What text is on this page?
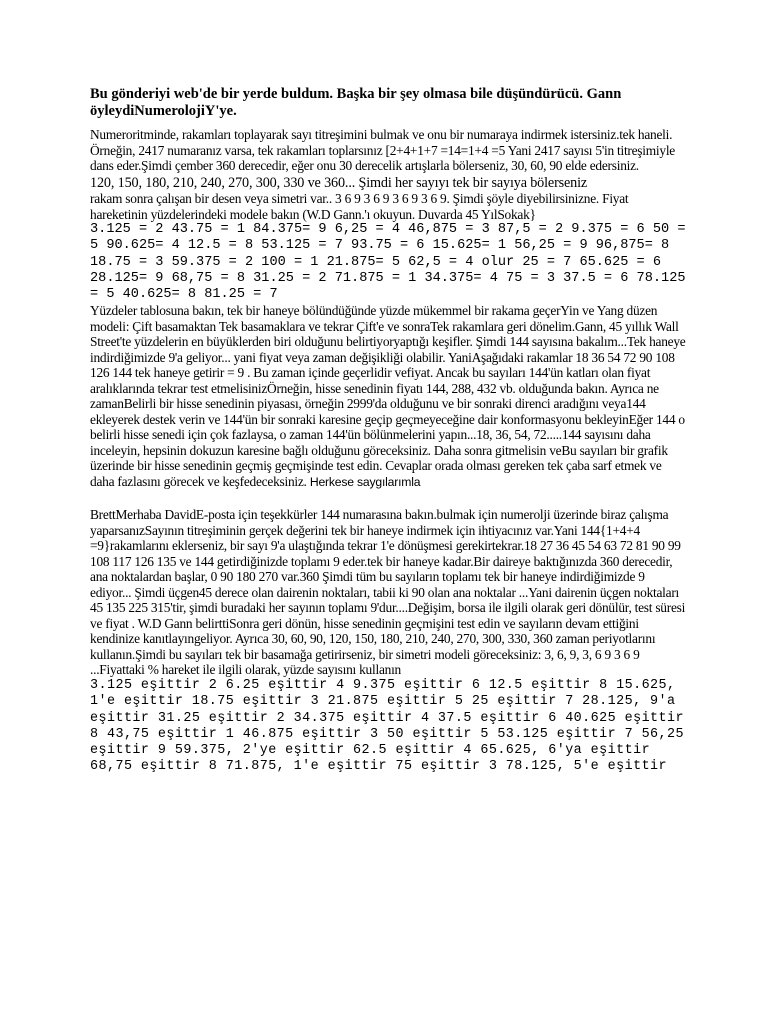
Bu gönderiyi web'de bir yerde buldum. Başka bir şey olmasa bile düşündürücü. Gann öyleydiNumerolojiY'ye.

Numeroritminde, rakamları toplayarak sayı titreşimini bulmak ve onu bir numaraya indirmek istersiniz.tek haneli. Örneğin, 2417 numaranız varsa, tek rakamları toplarsınız [2+4+1+7 =14=1+4 =5 Yani 2417 sayısı 5'in titreşimiyle dans eder.Şimdi çember 360 derecedir, eğer onu 30 derecelik artışlarla bölerseniz, 30, 60, 90 elde edersiniz.

120, 150, 180, 210, 240, 270, 300, 330 ve 360... Şimdi her sayıyı tek bir sayıya bölerseniz

rakam sonra çalışan bir desen veya simetri var.. 3 6 9 3 6 9 3 6 9 3 6 9. Şimdi şöyle diyebilirsinizne. Fiyat hareketinin yüzdelerindeki modele bakın (W.D Gann.'ı okuyun. Duvarda 45 YılSokak}

3.125 = 2 43.75 = 1 84.375= 9 6,25 = 4 46,875 = 3 87,5 = 2 9.375 = 6 50 = 5 90.625= 4 12.5 = 8 53.125 = 7 93.75 = 6 15.625= 1 56,25 = 9 96,875= 8 18.75 = 3 59.375 = 2 100 = 1 21.875= 5 62,5 = 4 olur 25 = 7 65.625 = 6 28.125= 9 68,75 = 8 31.25 = 2 71.875 = 1 34.375= 4 75 = 3 37.5 = 6 78.125 = 5 40.625= 8 81.25 = 7

Yüzdeler tablosuna bakın, tek bir haneye bölündüğünde yüzde mükemmel bir rakama geçerYin ve Yang düzen modeli: Çift basamaktan Tek basamaklara ve tekrar Çift'e ve sonraTek rakamlara geri dönelim.Gann, 45 yıllık Wall Street'te yüzdelerin en büyüklerden biri olduğunu belirtiyoryaptığı keşifler. Şimdi 144 sayısına bakalım...Tek haneye indirdiğimizde 9'a geliyor... yani fiyat veya zaman değişikliği olabilir. YaniAşağıdaki rakamlar 18 36 54 72 90 108 126 144 tek haneye getirir = 9 . Bu zaman içinde geçerlidir vefiyat. Ancak bu sayıları 144'ün katları olan fiyat aralıklarında tekrar test etmelisinizÖrneğin, hisse senedinin fiyatı 144, 288, 432 vb. olduğunda bakın. Ayrıca ne zamanBelirli bir hisse senedinin piyasası, örneğin 2999'da olduğunu ve bir sonraki direnci aradığını veya144 ekleyerek destek verin ve 144'ün bir sonraki karesine geçip geçmeyeceğine dair konformasyonu bekleyinEğer 144 o belirli hisse senedi için çok fazlaysa, o zaman 144'ün bölünmelerini yapın...18, 36, 54, 72.....144 sayısını daha inceleyin, hepsinin dokuzun karesine bağlı olduğunu göreceksiniz. Daha sonra gitmelisin veBu sayıları bir grafik üzerinde bir hisse senedinin geçmiş geçmişinde test edin. Cevaplar orada olması gereken tek çaba sarf etmek ve daha fazlasını görecek ve keşfedeceksiniz. Herkese saygılarımla

BrettMerhaba DavidE-posta için teşekkürler 144 numarasına bakın.bulmak için numerolji üzerinde biraz çalışma yaparsanızSayının titreşiminin gerçek değerini tek bir haneye indirmek için ihtiyacınız var.Yani 144{1+4+4 =9}rakamlarını eklerseniz, bir sayı 9'a ulaştığında tekrar 1'e dönüşmesi gerekirtekrar.18 27 36 45 54 63 72 81 90 99 108 117 126 135 ve 144 getirdiğinizde toplamı 9 eder.tek bir haneye kadar.Bir daireye baktığınızda 360 derecedir, ana noktalardan başlar, 0 90 180 270 var.360 Şimdi tüm bu sayıların toplamı tek bir haneye indirdiğimizde 9 ediyor... Şimdi üçgen45 derece olan dairenin noktaları, tabii ki 90 olan ana noktalar ...Yani dairenin üçgen noktaları 45 135 225 315'tir, şimdi buradaki her sayının toplamı 9'dur....Değişim, borsa ile ilgili olarak geri dönülür, test süresi ve fiyat . W.D Gann belirttiSonra geri dönün, hisse senedinin geçmişini test edin ve sayıların devam ettiğini kendinize kanıtlayıngeliyor. Ayrıca 30, 60, 90, 120, 150, 180, 210, 240, 270, 300, 330, 360 zaman periyotlarını kullanın.Şimdi bu sayıları tek bir basamağa getirirseniz, bir simetri modeli göreceksiniz: 3, 6, 9, 3, 6 9 3 6 9 ...Fiyattaki % hareket ile ilgili olarak, yüzde sayısını kullanın

3.125 eşittir 2 6.25 eşittir 4 9.375 eşittir 6 12.5 eşittir 8 15.625, 1'e eşittir 18.75 eşittir 3 21.875 eşittir 5 25 eşittir 7 28.125, 9'a eşittir 31.25 eşittir 2 34.375 eşittir 4 37.5 eşittir 6 40.625 eşittir 8 43,75 eşittir 1 46.875 eşittir 3 50 eşittir 5 53.125 eşittir 7 56,25 eşittir 9 59.375, 2'ye eşittir 62.5 eşittir 4 65.625, 6'ya eşittir 68,75 eşittir 8 71.875, 1'e eşittir 75 eşittir 3 78.125, 5'e eşittir
